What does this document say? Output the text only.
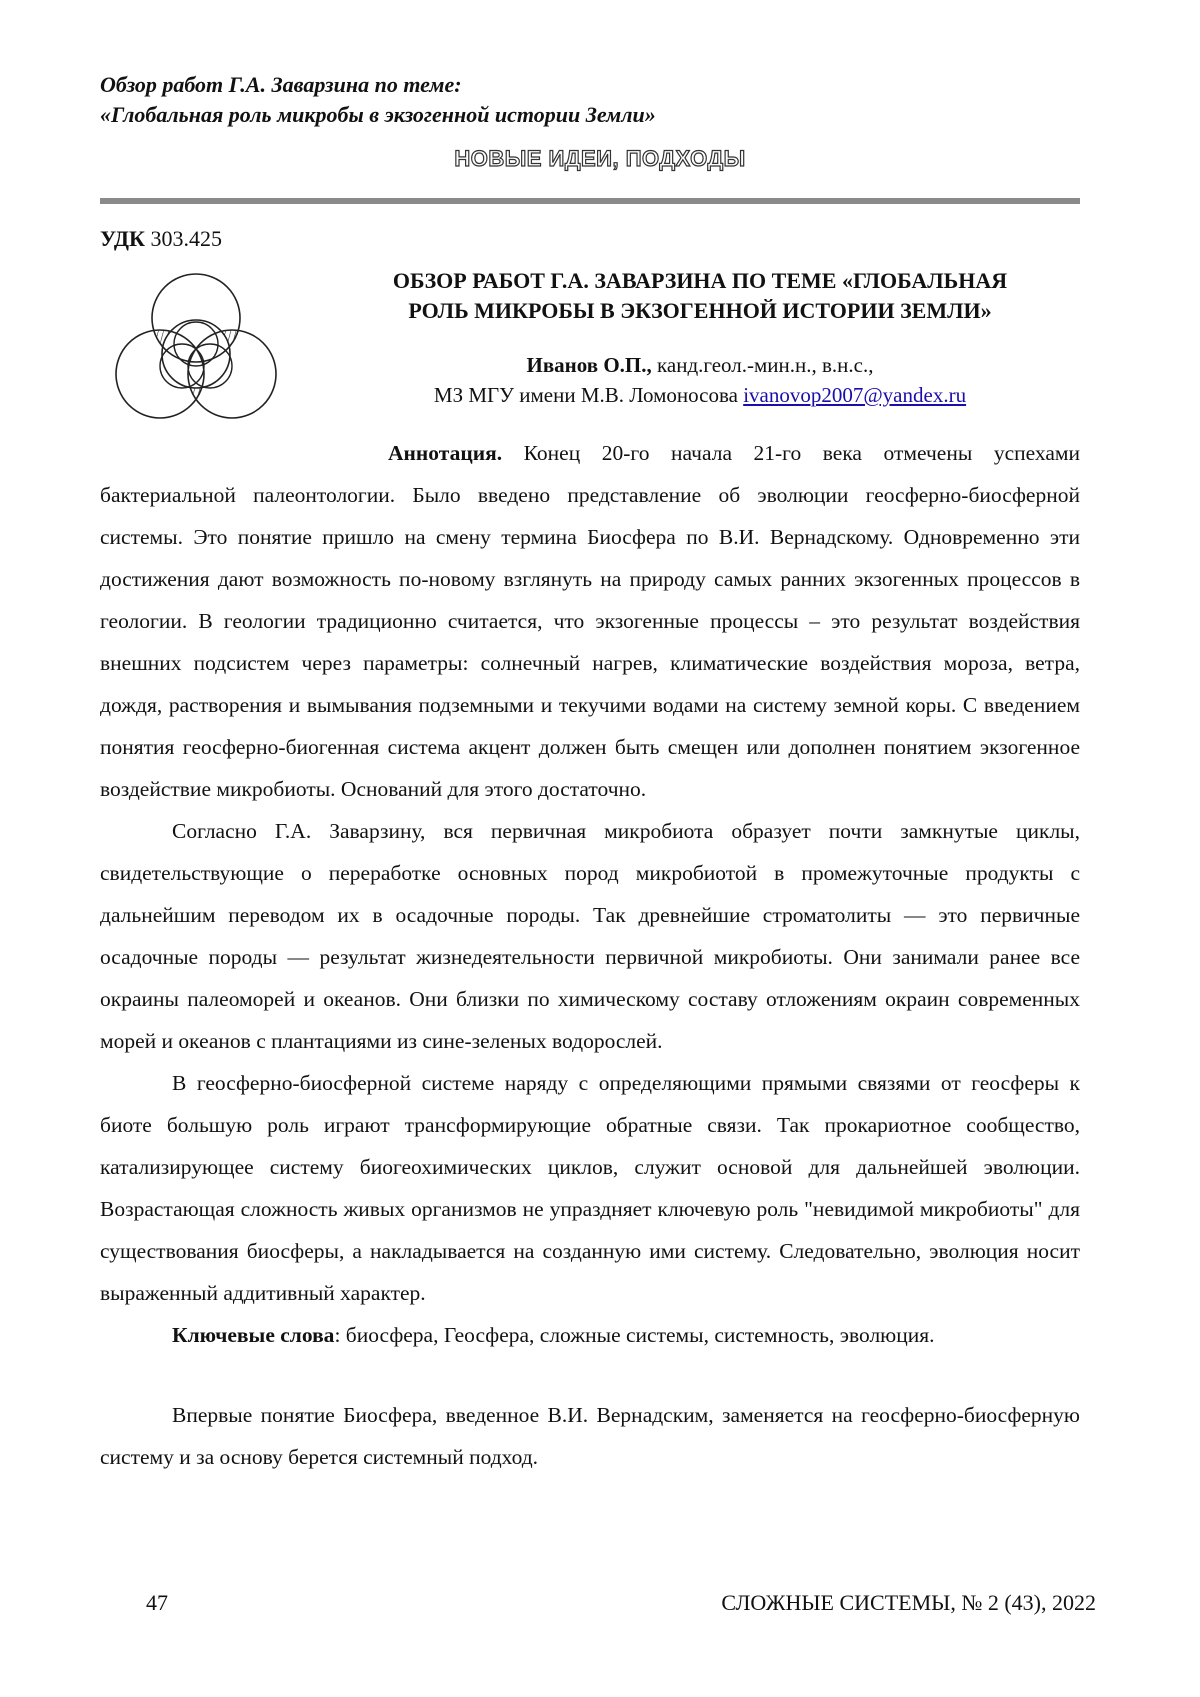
Обзор работ Г.А. Заварзина по теме:
«Глобальная роль микробы в экзогенной истории Земли»
НОВЫЕ ИДЕИ, ПОДХОДЫ
УДК 303.425
ОБЗОР РАБОТ Г.А. ЗАВАРЗИНА ПО ТЕМЕ «ГЛОБАЛЬНАЯ
РОЛЬ МИКРОБЫ В ЭКЗОГЕННОЙ ИСТОРИИ ЗЕМЛИ»
Иванов О.П., канд.геол.-мин.н., в.н.с.,
МЗ МГУ имени М.В. Ломоносова ivanovop2007@yandex.ru

Аннотация. Конец 20-го начала 21-го века отмечены успехами бактериальной палеонтологии. Было введено представление об эволюции геосферно-биосферной системы. Это понятие пришло на смену термина Биосфера по В.И. Вернадскому. Одновременно эти достижения дают возможность по-новому взглянуть на природу самых ранних экзогенных процессов в геологии. В геологии традиционно считается, что экзогенные процессы – это результат воздействия внешних подсистем через параметры: солнечный нагрев, климатические воздействия мороза, ветра, дождя, растворения и вымывания подземными и текучими водами на систему земной коры. С введением понятия геосферно-биогенная система акцент должен быть смещен или дополнен понятием экзогенное воздействие микробиоты. Оснований для этого достаточно.

Согласно Г.А. Заварзину, вся первичная микробиота образует почти замкнутые циклы, свидетельствующие о переработке основных пород микробиотой в промежуточные продукты с дальнейшим переводом их в осадочные породы. Так древнейшие строматолиты — это первичные осадочные породы — результат жизнедеятельности первичной микробиоты. Они занимали ранее все окраины палеоморей и океанов. Они близки по химическому составу отложениям окраин современных морей и океанов с плантациями из сине-зеленых водорослей.

В геосферно-биосферной системе наряду с определяющими прямыми связями от геосферы к биоте большую роль играют трансформирующие обратные связи. Так прокариотное сообщество, катализирующее систему биогеохимических циклов, служит основой для дальнейшей эволюции. Возрастающая сложность живых организмов не упраздняет ключевую роль "невидимой микробиоты" для существования биосферы, а накладывается на созданную ими систему. Следовательно, эволюция носит выраженный аддитивный характер.

Ключевые слова: биосфера, Геосфера, сложные системы, системность, эволюция.

Впервые понятие Биосфера, введенное В.И. Вернадским, заменяется на геосферно-биосферную систему и за основу берется системный подход.

47	СЛОЖНЫЕ СИСТЕМЫ, № 2 (43), 2022
